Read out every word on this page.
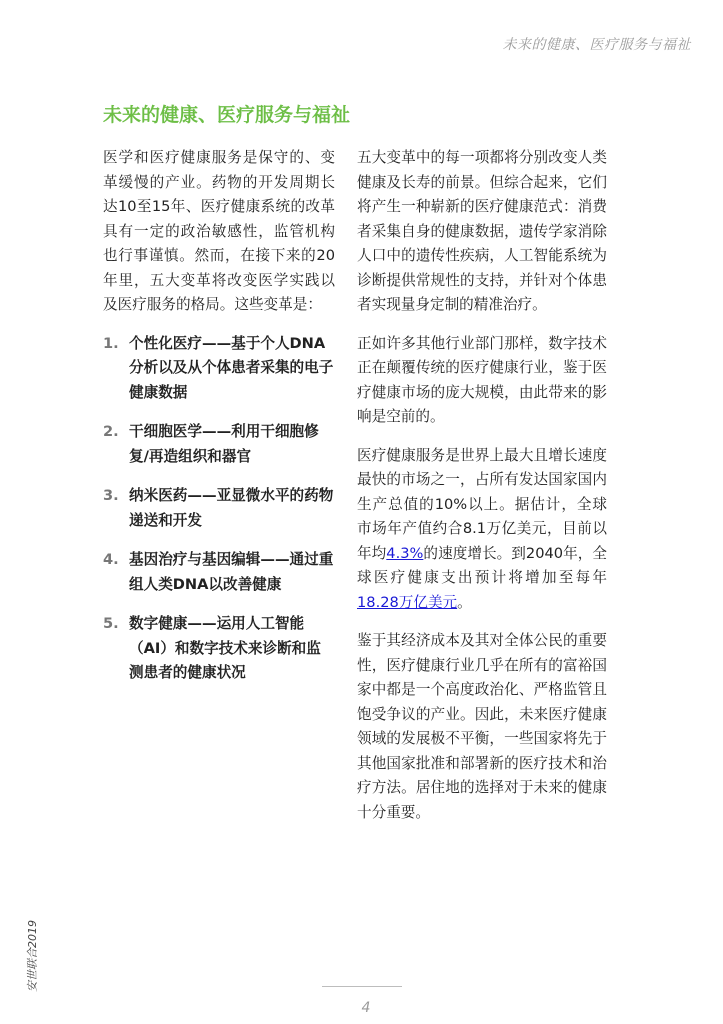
未来的健康、医疗服务与福祉
未来的健康、医疗服务与福祉

医学和医疗健康服务是保守的、变革缓慢的产业。药物的开发周期长达10至15年、医疗健康系统的改革具有一定的政治敏感性，监管机构也行事谨慎。然而，在接下来的20年里，五大变革将改变医学实践以及医疗服务的格局。这些变革是：

1. 个性化医疗——基于个人DNA分析以及从个体患者采集的电子健康数据
2. 干细胞医学——利用干细胞修复/再造组织和器官
3. 纳米医药——亚显微水平的药物递送和开发
4. 基因治疗与基因编辑——通过重组人类DNA以改善健康
5. 数字健康——运用人工智能（AI）和数字技术来诊断和监测患者的健康状况

五大变革中的每一项都将分别改变人类健康及长寿的前景。但综合起来，它们将产生一种崭新的医疗健康范式：消费者采集自身的健康数据，遗传学家消除人口中的遗传性疾病，人工智能系统为诊断提供常规性的支持，并针对个体患者实现量身定制的精准治疗。

正如许多其他行业部门那样，数字技术正在颠覆传统的医疗健康行业，鉴于医疗健康市场的庞大规模，由此带来的影响是空前的。

医疗健康服务是世界上最大且增长速度最快的市场之一，占所有发达国家国内生产总值的10%以上。据估计，全球市场年产值约合8.1万亿美元，目前以年均4.3%的速度增长。到2040年，全球医疗健康支出预计将增加至每年18.28万亿美元。

鉴于其经济成本及其对全体公民的重要性，医疗健康行业几乎在所有的富裕国家中都是一个高度政治化、严格监管且饱受争议的产业。因此，未来医疗健康领域的发展极不平衡，一些国家将先于其他国家批准和部署新的医疗技术和治疗方法。居住地的选择对于未来的健康十分重要。

安世联合2019
4
